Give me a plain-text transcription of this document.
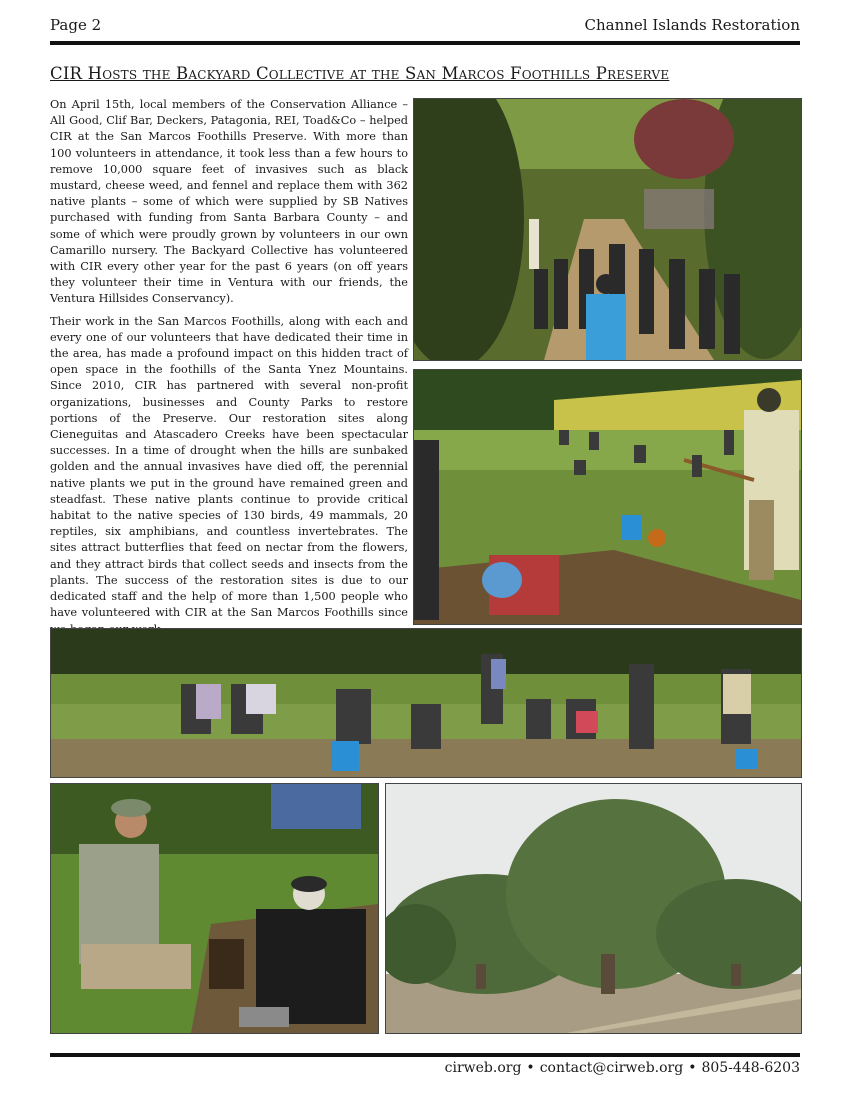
Page 2	Channel Islands Restoration
CIR Hosts the Backyard Collective at the San Marcos Foothills Preserve

On April 15th, local members of the Conservation Alliance – All Good, Clif Bar, Deckers, Patagonia, REI, Toad&Co – helped CIR at the San Marcos Foothills Preserve. With more than 100 volunteers in attendance, it took less than a few hours to remove 10,000 square feet of invasives such as black mustard, cheese weed, and fennel and replace them with 362 native plants – some of which were supplied by SB Natives purchased with funding from Santa Barbara County – and some of which were proudly grown by volunteers in our own Camarillo nursery. The Backyard Collective has volunteered with CIR every other year for the past 6 years (on off years they volunteer their time in Ventura with our friends, the Ventura Hillsides Conservancy).

Their work in the San Marcos Foothills, along with each and every one of our volunteers that have dedicated their time in the area, has made a profound impact on this hidden tract of open space in the foothills of the Santa Ynez Mountains. Since 2010, CIR has partnered with several non-profit organizations, businesses and County Parks to restore portions of the Preserve. Our restoration sites along Cieneguitas and Atascadero Creeks have been spectacular successes. In a time of drought when the hills are sunbaked golden and the annual invasives have died off, the perennial native plants we put in the ground have remained green and steadfast. These native plants continue to provide critical habitat to the native species of 130 birds, 49 mammals, 20 reptiles, six amphibians, and countless invertebrates. The sites attract butterflies that feed on nectar from the flowers, and they attract birds that collect seeds and insects from the plants. The success of the restoration sites is due to our dedicated staff and the help of more than 1,500 people who have volunteered with CIR at the San Marcos Foothills since

cirweb.org • contact@cirweb.org • 805-448-6203
